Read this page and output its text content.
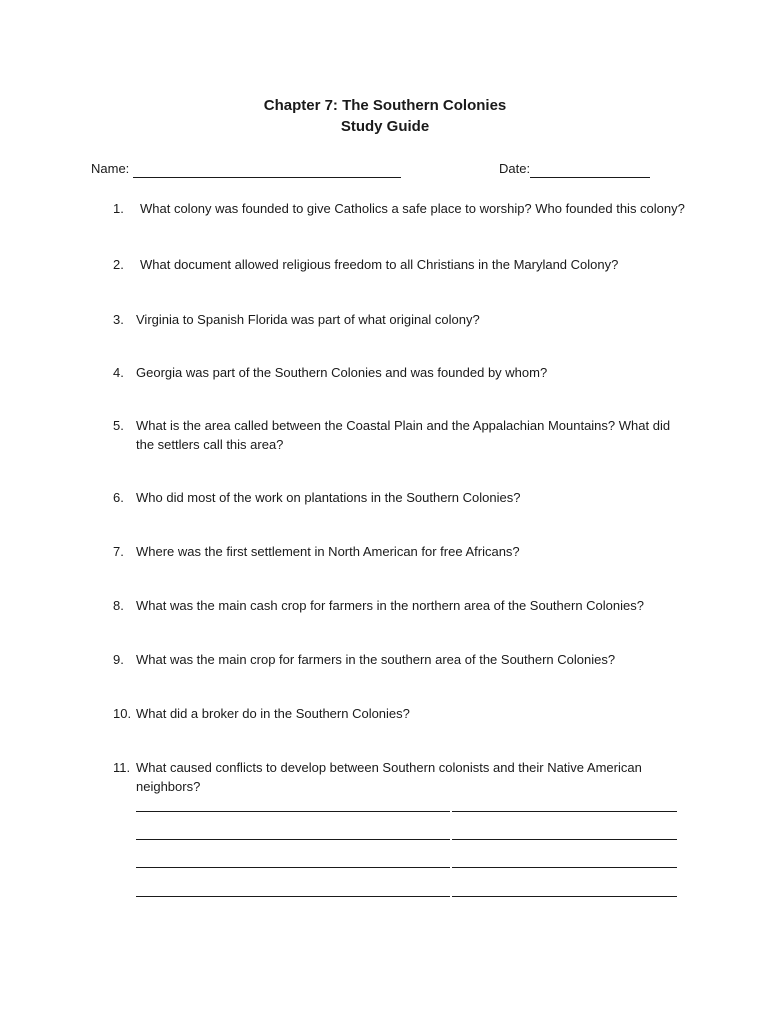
Chapter 7: The Southern Colonies
Study Guide
Name:	Date:
1.	What colony was founded to give Catholics a safe place to worship? Who founded this colony?
2.	What document allowed religious freedom to all Christians in the Maryland Colony?
3. Virginia to Spanish Florida was part of what original colony?
4. Georgia was part of the Southern Colonies and was founded by whom?
5. What is the area called between the Coastal Plain and the Appalachian Mountains? What did the settlers call this area?
6. Who did most of the work on plantations in the Southern Colonies?
7. Where was the first settlement in North American for free Africans?
8. What was the main cash crop for farmers in the northern area of the Southern Colonies?
9. What was the main crop for farmers in the southern area of the Southern Colonies?
10. What did a broker do in the Southern Colonies?
11. What caused conflicts to develop between Southern colonists and their Native American neighbors?
